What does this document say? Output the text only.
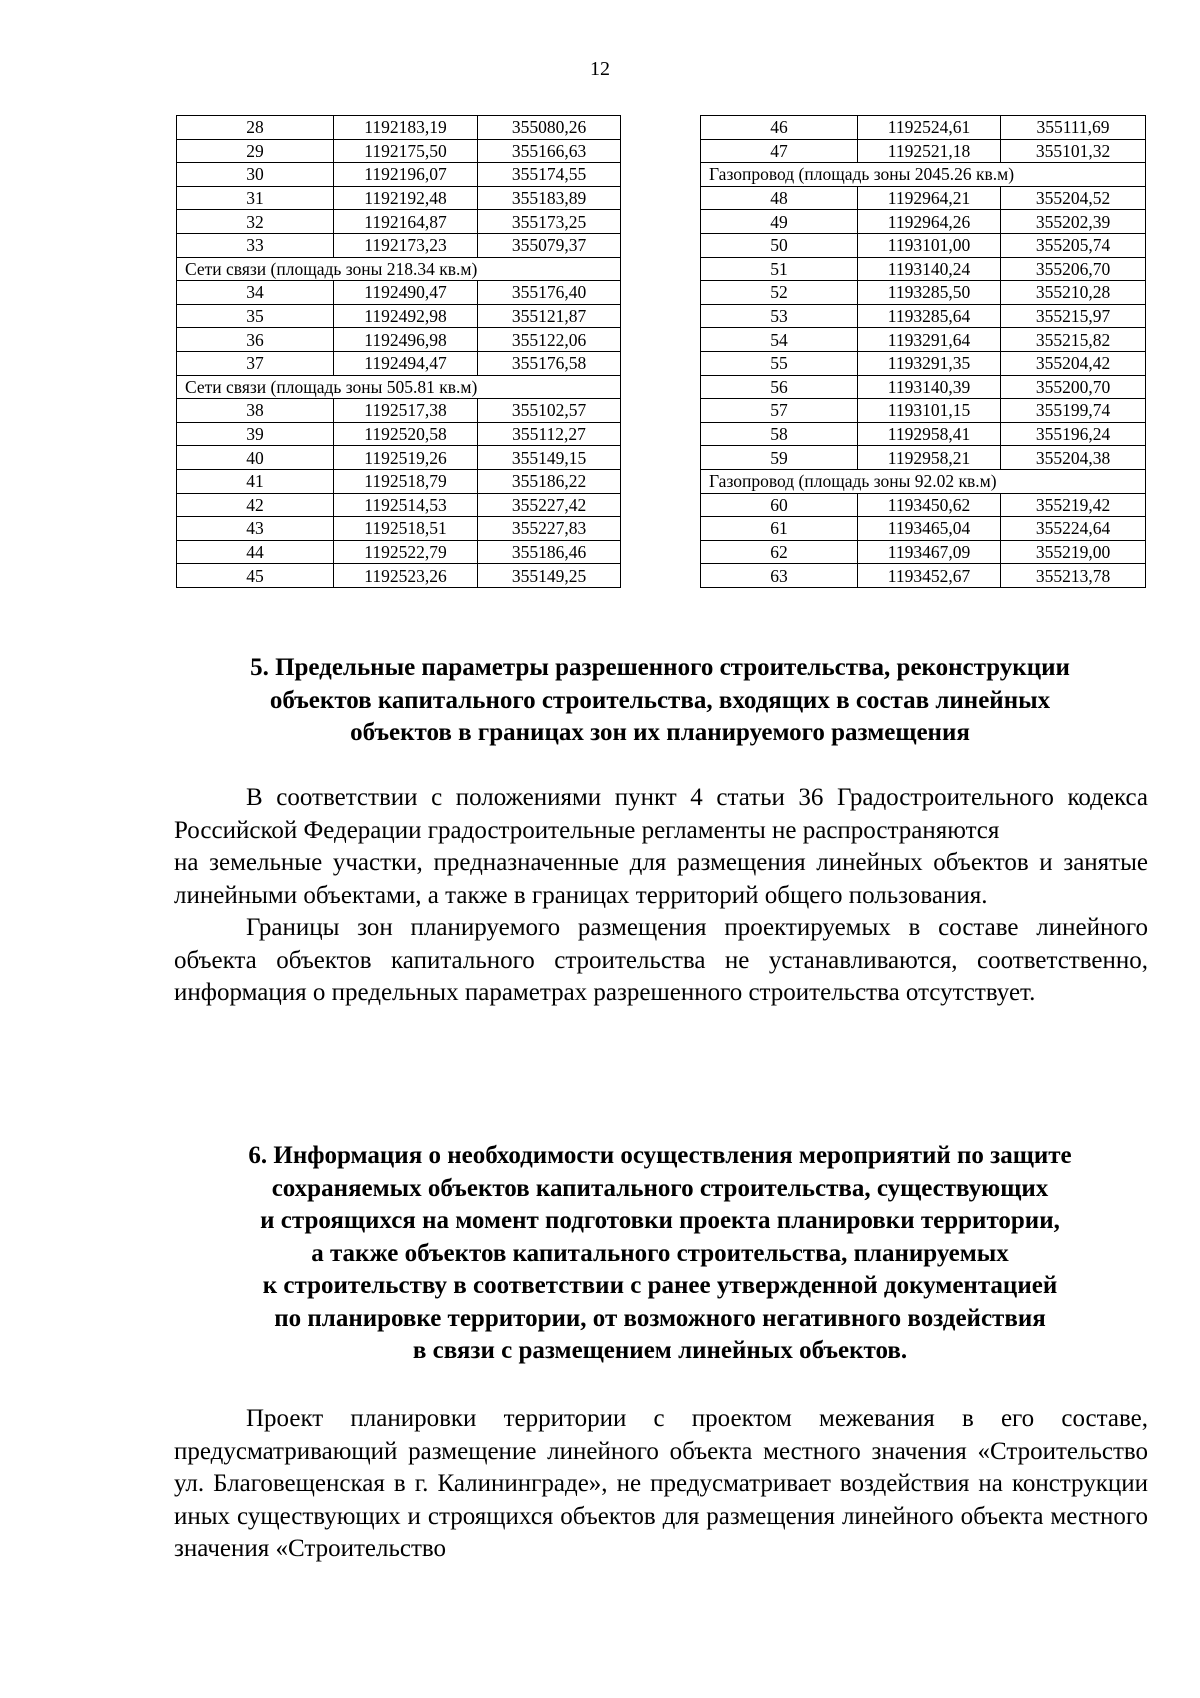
12
28	1192183,19	355080,26
29	1192175,50	355166,63
30	1192196,07	355174,55
31	1192192,48	355183,89
32	1192164,87	355173,25
33	1192173,23	355079,37
Сети связи (площадь зоны 218.34 кв.м)		
34	1192490,47	355176,40
35	1192492,98	355121,87
36	1192496,98	355122,06
37	1192494,47	355176,58
Сети связи (площадь зоны 505.81 кв.м)		
38	1192517,38	355102,57
39	1192520,58	355112,27
40	1192519,26	355149,15
41	1192518,79	355186,22
42	1192514,53	355227,42
43	1192518,51	355227,83
44	1192522,79	355186,46
45	1192523,26	355149,25
46	1192524,61	355111,69
47	1192521,18	355101,32
Газопровод (площадь зоны 2045.26 кв.м)		
48	1192964,21	355204,52
49	1192964,26	355202,39
50	1193101,00	355205,74
51	1193140,24	355206,70
52	1193285,50	355210,28
53	1193285,64	355215,97
54	1193291,64	355215,82
55	1193291,35	355204,42
56	1193140,39	355200,70
57	1193101,15	355199,74
58	1192958,41	355196,24
59	1192958,21	355204,38
Газопровод (площадь зоны 92.02 кв.м)		
60	1193450,62	355219,42
61	1193465,04	355224,64
62	1193467,09	355219,00
63	1193452,67	355213,78

5. Предельные параметры разрешенного строительства, реконструкции

объектов капитального строительства, входящих в состав линейных

объектов в границах зон их планируемого размещения

В соответствии с положениями пункт 4 статьи 36 Градостроительного кодекса Российской Федерации градостроительные регламенты не распространяются

на земельные участки, предназначенные для размещения линейных объектов и занятые линейными объектами, а также в границах территорий общего пользования.

Границы зон планируемого размещения проектируемых в составе линейного объекта объектов капитального строительства не устанавливаются, соответственно, информация о предельных параметрах разрешенного строительства отсутствует.

6. Информация о необходимости осуществления мероприятий по защите

сохраняемых объектов капитального строительства, существующих

и строящихся на момент подготовки проекта планировки территории,

а также объектов капитального строительства, планируемых

к строительству в соответствии с ранее утвержденной документацией

по планировке территории, от возможного негативного воздействия

в связи с размещением линейных объектов.

Проект планировки территории с проектом межевания в его составе, предусматривающий размещение линейного объекта местного значения «Строительство ул. Благовещенская в г. Калининграде», не предусматривает воздействия на конструкции иных существующих и строящихся объектов для размещения линейного объекта местного значения «Строительство
